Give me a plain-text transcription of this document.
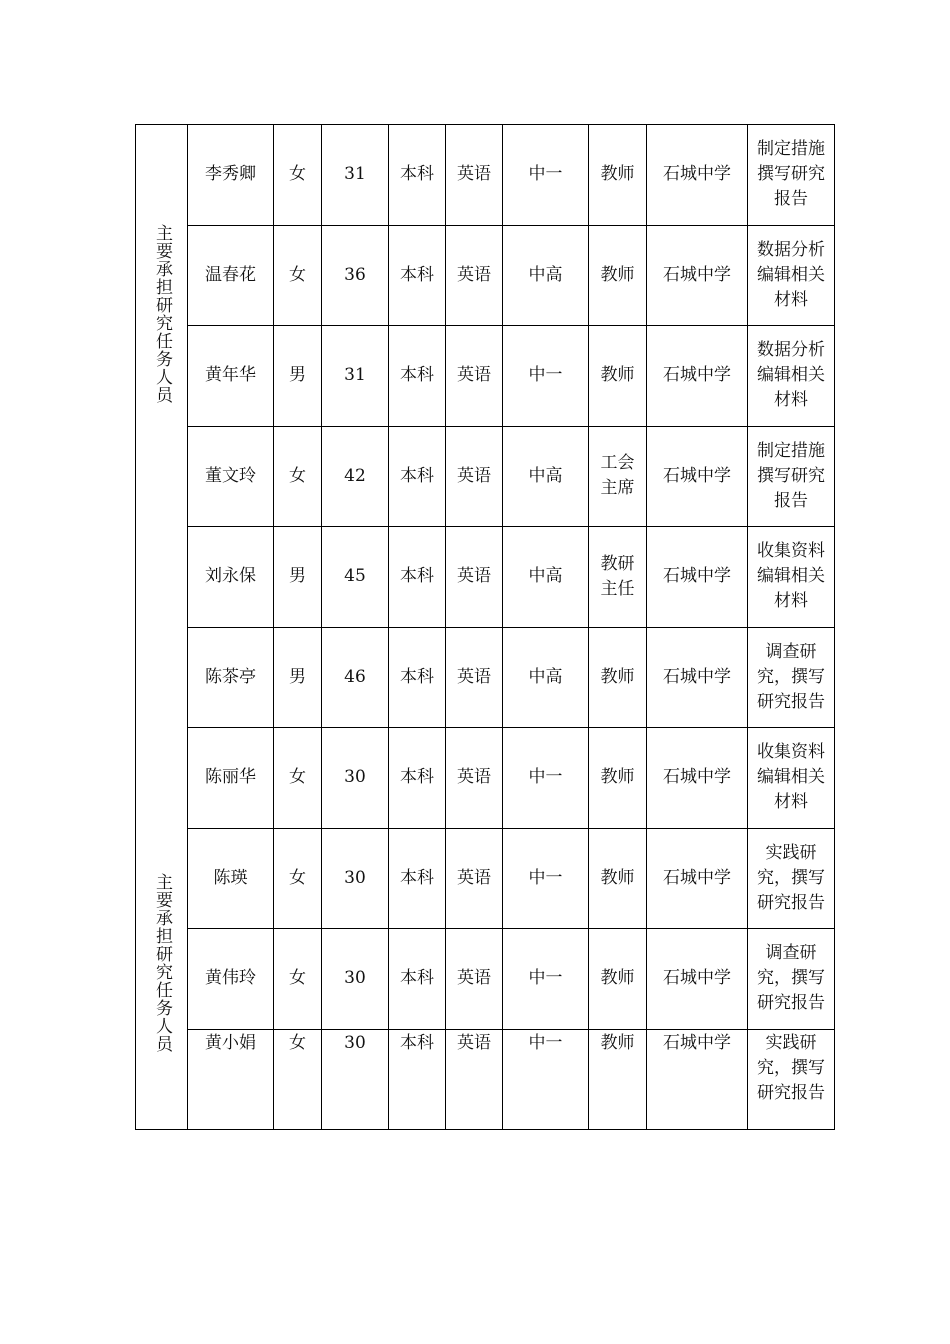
主要承担研究任务人员
主要承担研究任务人员	李秀卿	女	31	本科	英语	中一	教师	石城中学	制定措施撰写研究报告

	温春花	女	36	本科	英语	中高	教师	石城中学	数据分析编辑相关材料

	黄年华	男	31	本科	英语	中一	教师	石城中学	数据分析编辑相关材料

	董文玲	女	42	本科	英语	中高	工会主席	石城中学	制定措施撰写研究报告

	刘永保	男	45	本科	英语	中高	教研主任	石城中学	收集资料编辑相关材料

	陈茶亭	男	46	本科	英语	中高	教师	石城中学	调查研究，撰写研究报告

	陈丽华	女	30	本科	英语	中一	教师	石城中学	收集资料编辑相关材料

	陈瑛	女	30	本科	英语	中一	教师	石城中学	实践研究，撰写研究报告

	黄伟玲	女	30	本科	英语	中一	教师	石城中学	调查研究，撰写研究报告

	黄小娟	女	30	本科	英语	中一	教师	石城中学	实践研究，撰写研究报告
